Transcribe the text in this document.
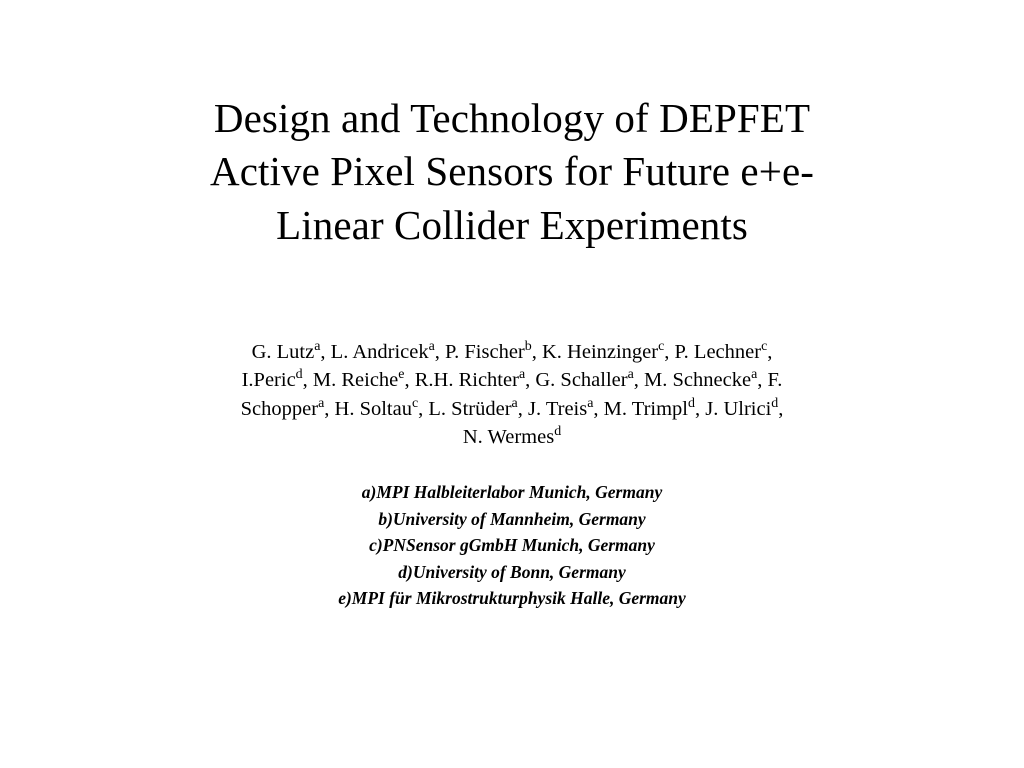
Design and Technology of DEPFET
Active Pixel Sensors for Future e+e-
Linear Collider Experiments
G. Lutz$^a$, L. Andricek$^a$, P. Fischer$^b$, K. Heinzinger$^c$, P. Lechner$^c$,
I.Peric$^d$, M. Reiche$^e$, R.H. Richter$^a$, G. Schaller$^a$, M. Schnecke$^a$, F.
Schopper$^a$, H. Soltau$^c$, L. Strüder$^a$, J. Treis$^a$, M. Trimpl$^d$, J. Ulrici$^d$,
N. Wermes$^d$
a)MPI Halbleiterlabor Munich, Germany
b)University of Mannheim, Germany
c)PNSensor gGmbH Munich, Germany
d)University of Bonn, Germany
e)MPI für Mikrostrukturphysik Halle, Germany
